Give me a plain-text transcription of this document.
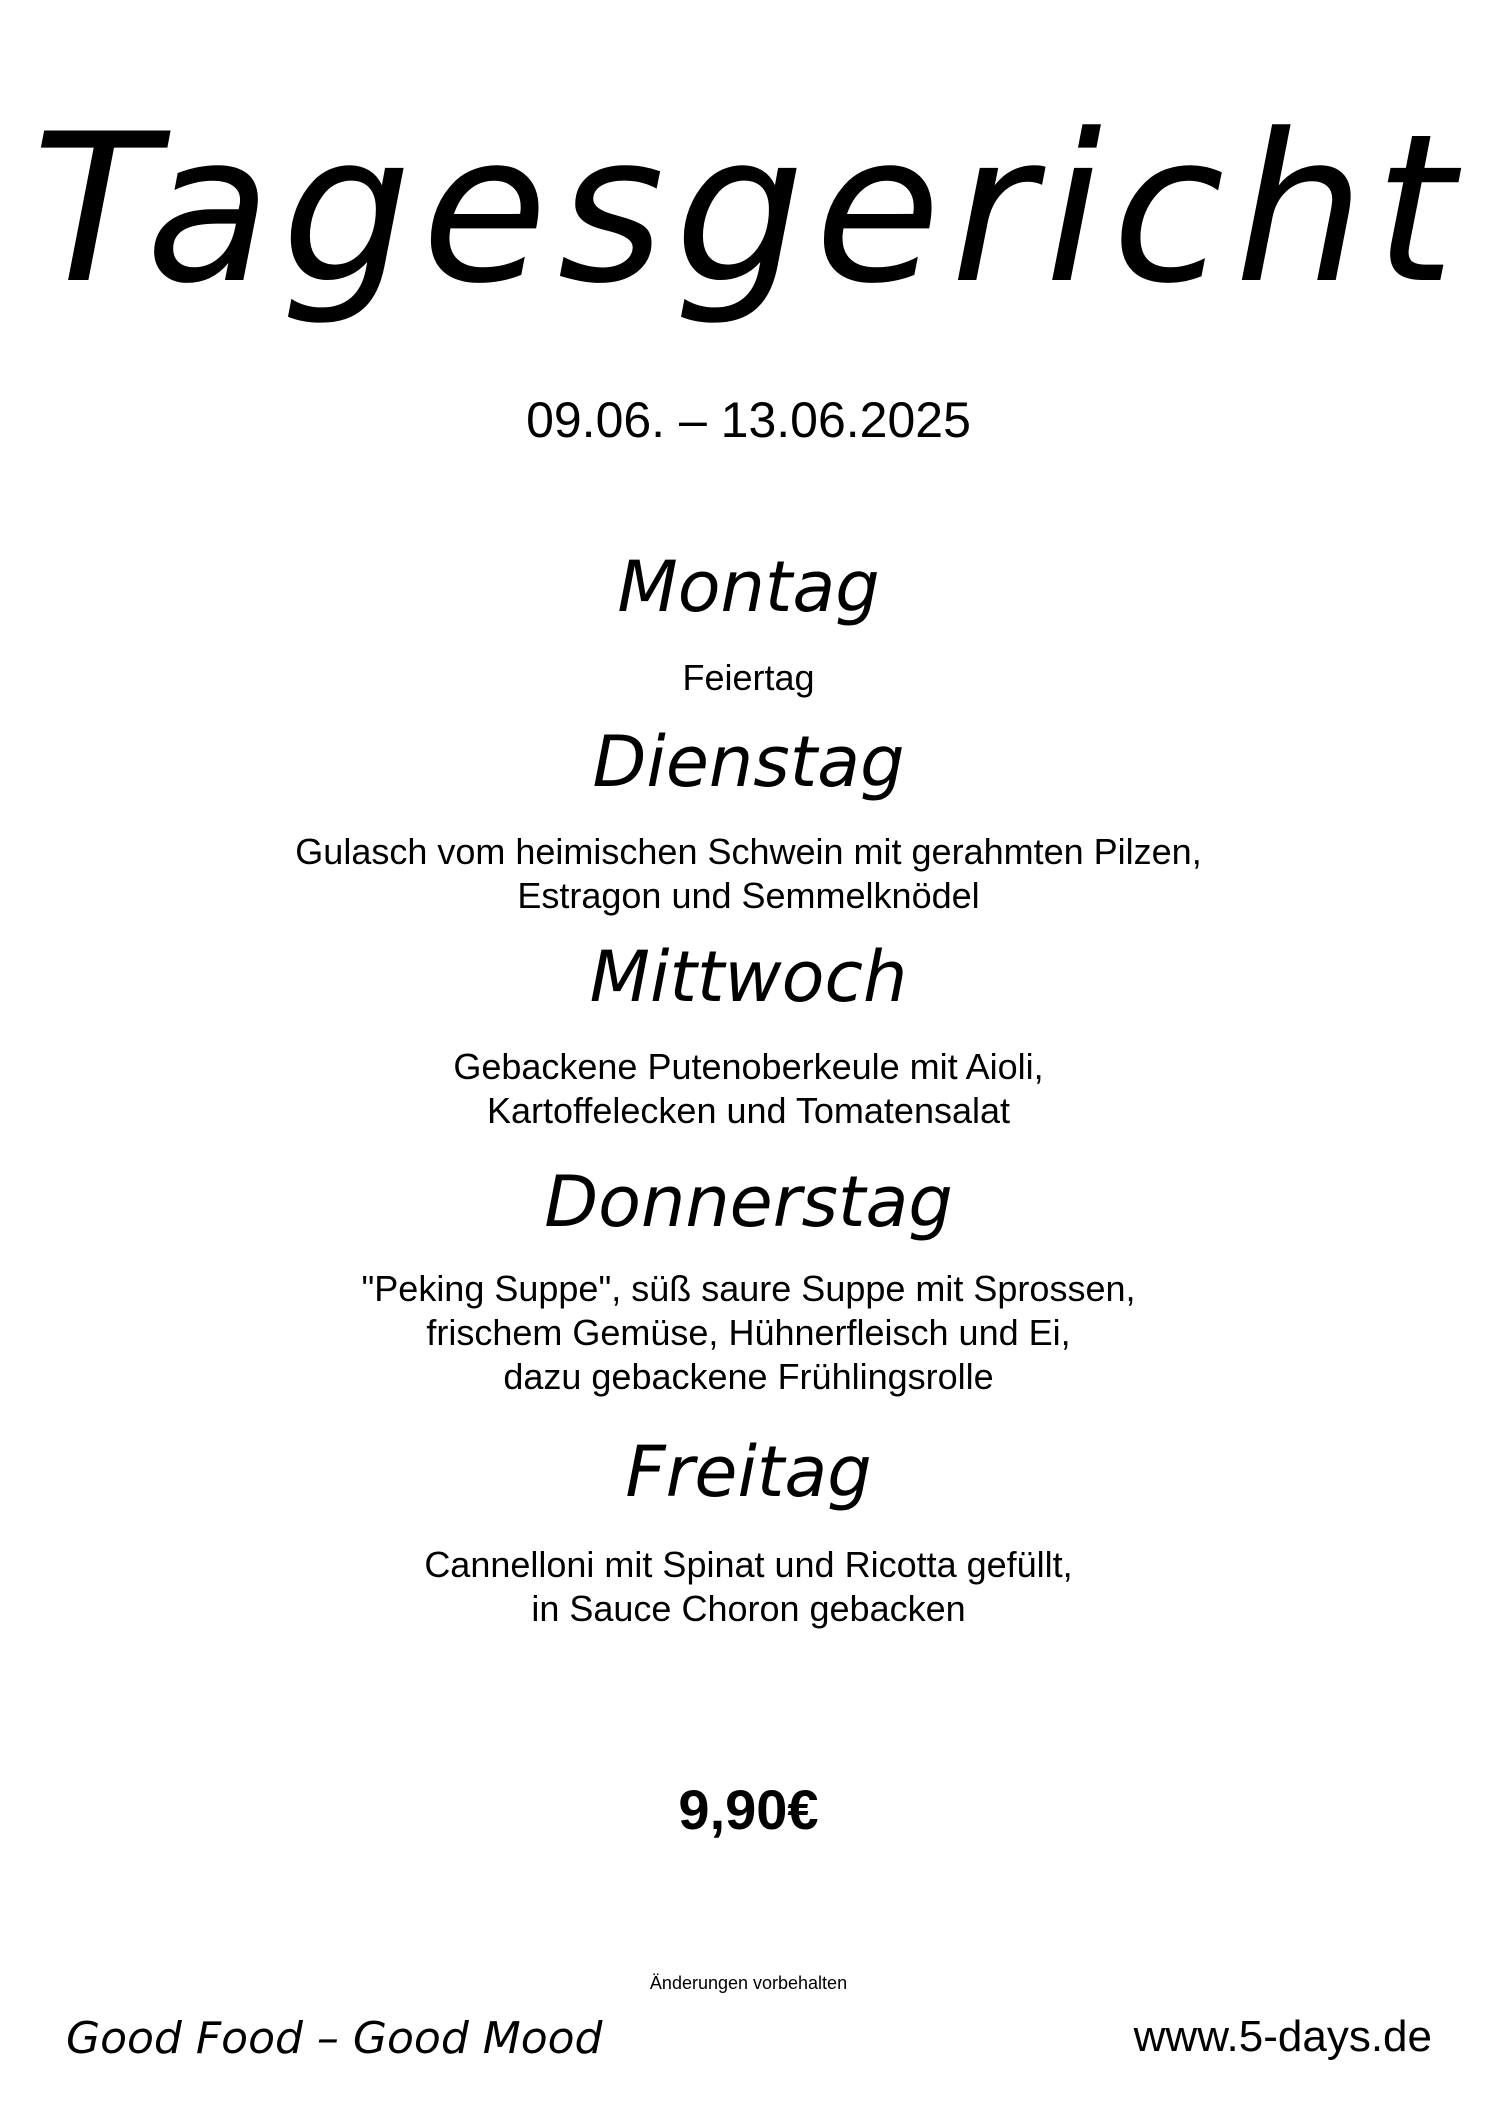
Tagesgericht
09.06. – 13.06.2025
Montag
Feiertag
Dienstag
Gulasch vom heimischen Schwein mit gerahmten Pilzen,
Estragon und Semmelknödel
Mittwoch
Gebackene Putenoberkeule mit Aioli,
Kartoffelecken und Tomatensalat
Donnerstag
"Peking Suppe", süß saure Suppe mit Sprossen,
frischem Gemüse, Hühnerfleisch und Ei,
dazu gebackene Frühlingsrolle
Freitag
Cannelloni mit Spinat und Ricotta gefüllt,
in Sauce Choron gebacken
9,90€
Änderungen vorbehalten
Good Food – Good Mood	www.5-days.de
